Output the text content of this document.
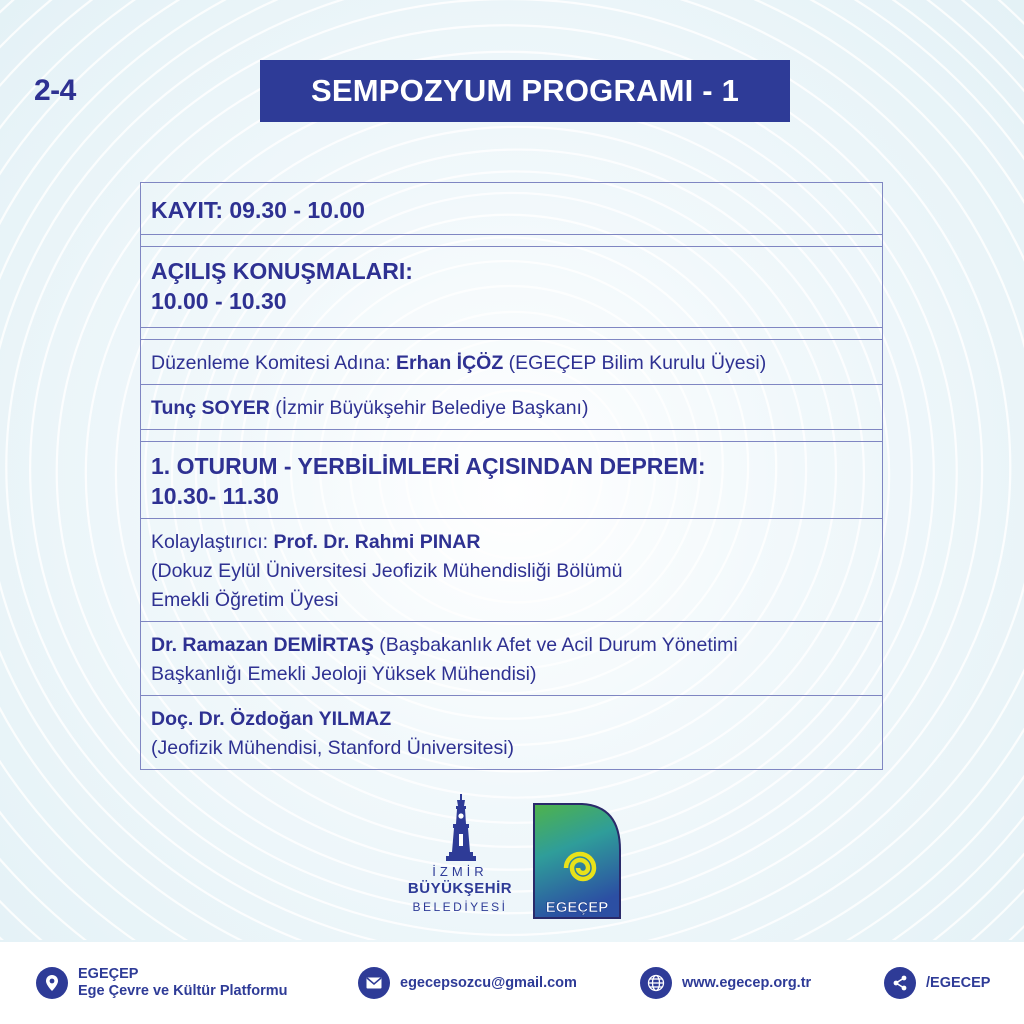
2-4	SEMPOZYUM PROGRAMI - 1
KAYIT: 09.30 - 10.00
AÇILIŞ KONUŞMALARI:
10.00 - 10.30
Düzenleme Komitesi Adına: Erhan İÇÖZ (EGEÇEP Bilim Kurulu Üyesi)
Tunç SOYER (İzmir Büyükşehir Belediye Başkanı)
1. OTURUM - YERBİLİMLERİ AÇISINDAN DEPREM:
10.30- 11.30
Kolaylaştırıcı: Prof. Dr. Rahmi PINAR
(Dokuz Eylül Üniversitesi Jeofizik Mühendisliği Bölümü
Emekli Öğretim Üyesi
Dr. Ramazan DEMİRTAŞ (Başbakanlık Afet ve Acil Durum Yönetimi
Başkanlığı Emekli Jeoloji Yüksek Mühendisi)
Doç. Dr. Özdoğan YILMAZ
(Jeofizik Mühendisi, Stanford Üniversitesi)
İZMİR
BÜYÜKŞEHİR
BELEDİYESİ	EGEÇEP
EGEÇEP
Ege Çevre ve Kültür Platformu
egecepsozcu@gmail.com	www.egecep.org.tr	/EGECEP
